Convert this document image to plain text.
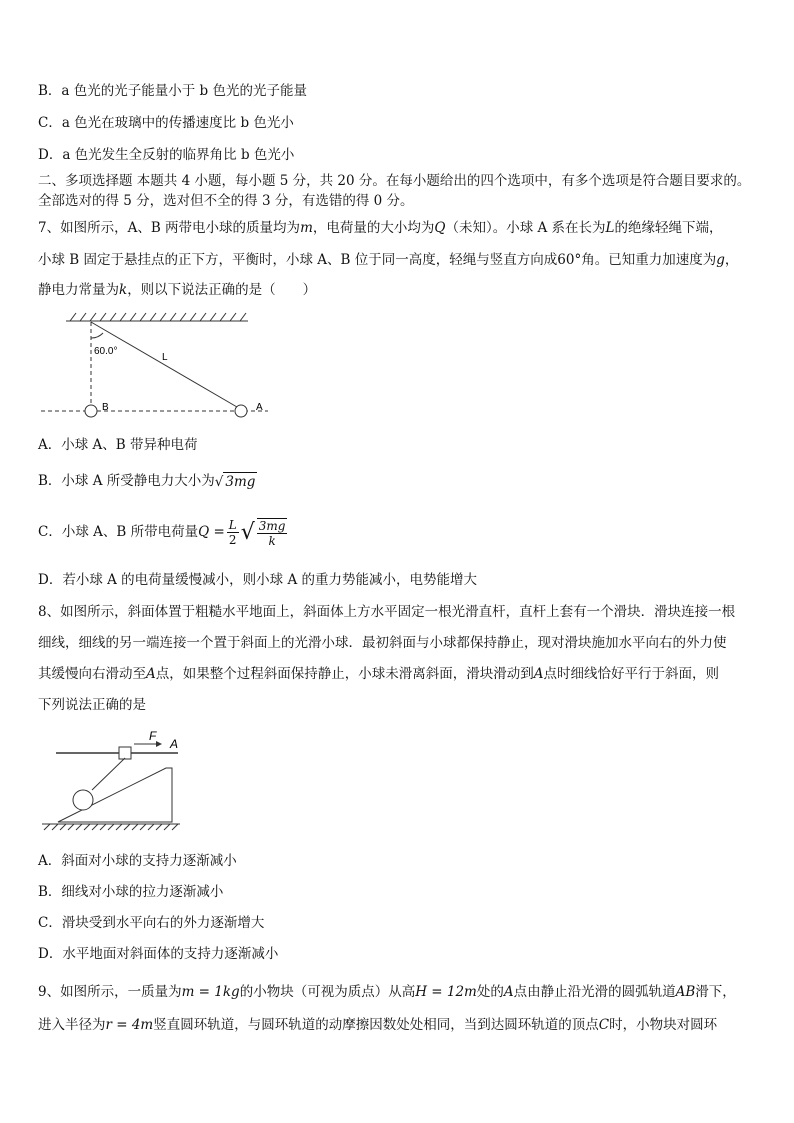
B．a 色光的光子能量小于 b 色光的光子能量
C．a 色光在玻璃中的传播速度比 b 色光小
D．a 色光发生全反射的临界角比 b 色光小
二、多项选择题 本题共 4 小题，每小题 5 分，共 20 分。在每小题给出的四个选项中，有多个选项是符合题目要求的。
全部选对的得 5 分，选对但不全的得 3 分，有选错的得 0 分。
7、如图所示，A、B 两带电小球的质量均为m，电荷量的大小均为Q（未知）。小球 A 系在长为L的绝缘轻绳下端，
小球 B 固定于悬挂点的正下方，平衡时，小球 A、B 位于同一高度，轻绳与竖直方向成60°角。已知重力加速度为g，
静电力常量为k，则以下说法正确的是（　　）
60.0°
L
B	A
A．小球 A、B 带异种电荷
B．小球 A 所受静电力大小为√ 3mg
C．小球 A、B 所带电荷量$Q = \frac{L}{2}$ √ $\frac{3mg}{k}$
D．若小球 A 的电荷量缓慢减小，则小球 A 的重力势能减小，电势能增大
8、如图所示，斜面体置于粗糙水平地面上，斜面体上方水平固定一根光滑直杆，直杆上套有一个滑块．滑块连接一根
细线，细线的另一端连接一个置于斜面上的光滑小球．最初斜面与小球都保持静止，现对滑块施加水平向右的外力使
其缓慢向右滑动至A点，如果整个过程斜面保持静止，小球未滑离斜面，滑块滑动到A点时细线恰好平行于斜面，则
下列说法正确的是
F
A
A．斜面对小球的支持力逐渐减小
B．细线对小球的拉力逐渐减小
C．滑块受到水平向右的外力逐渐增大
D．水平地面对斜面体的支持力逐渐减小
9、如图所示，一质量为m = 1kg的小物块（可视为质点）从高H = 12m处的A点由静止沿光滑的圆弧轨道AB滑下，
进入半径为r = 4m竖直圆环轨道，与圆环轨道的动摩擦因数处处相同，当到达圆环轨道的顶点C时，小物块对圆环
